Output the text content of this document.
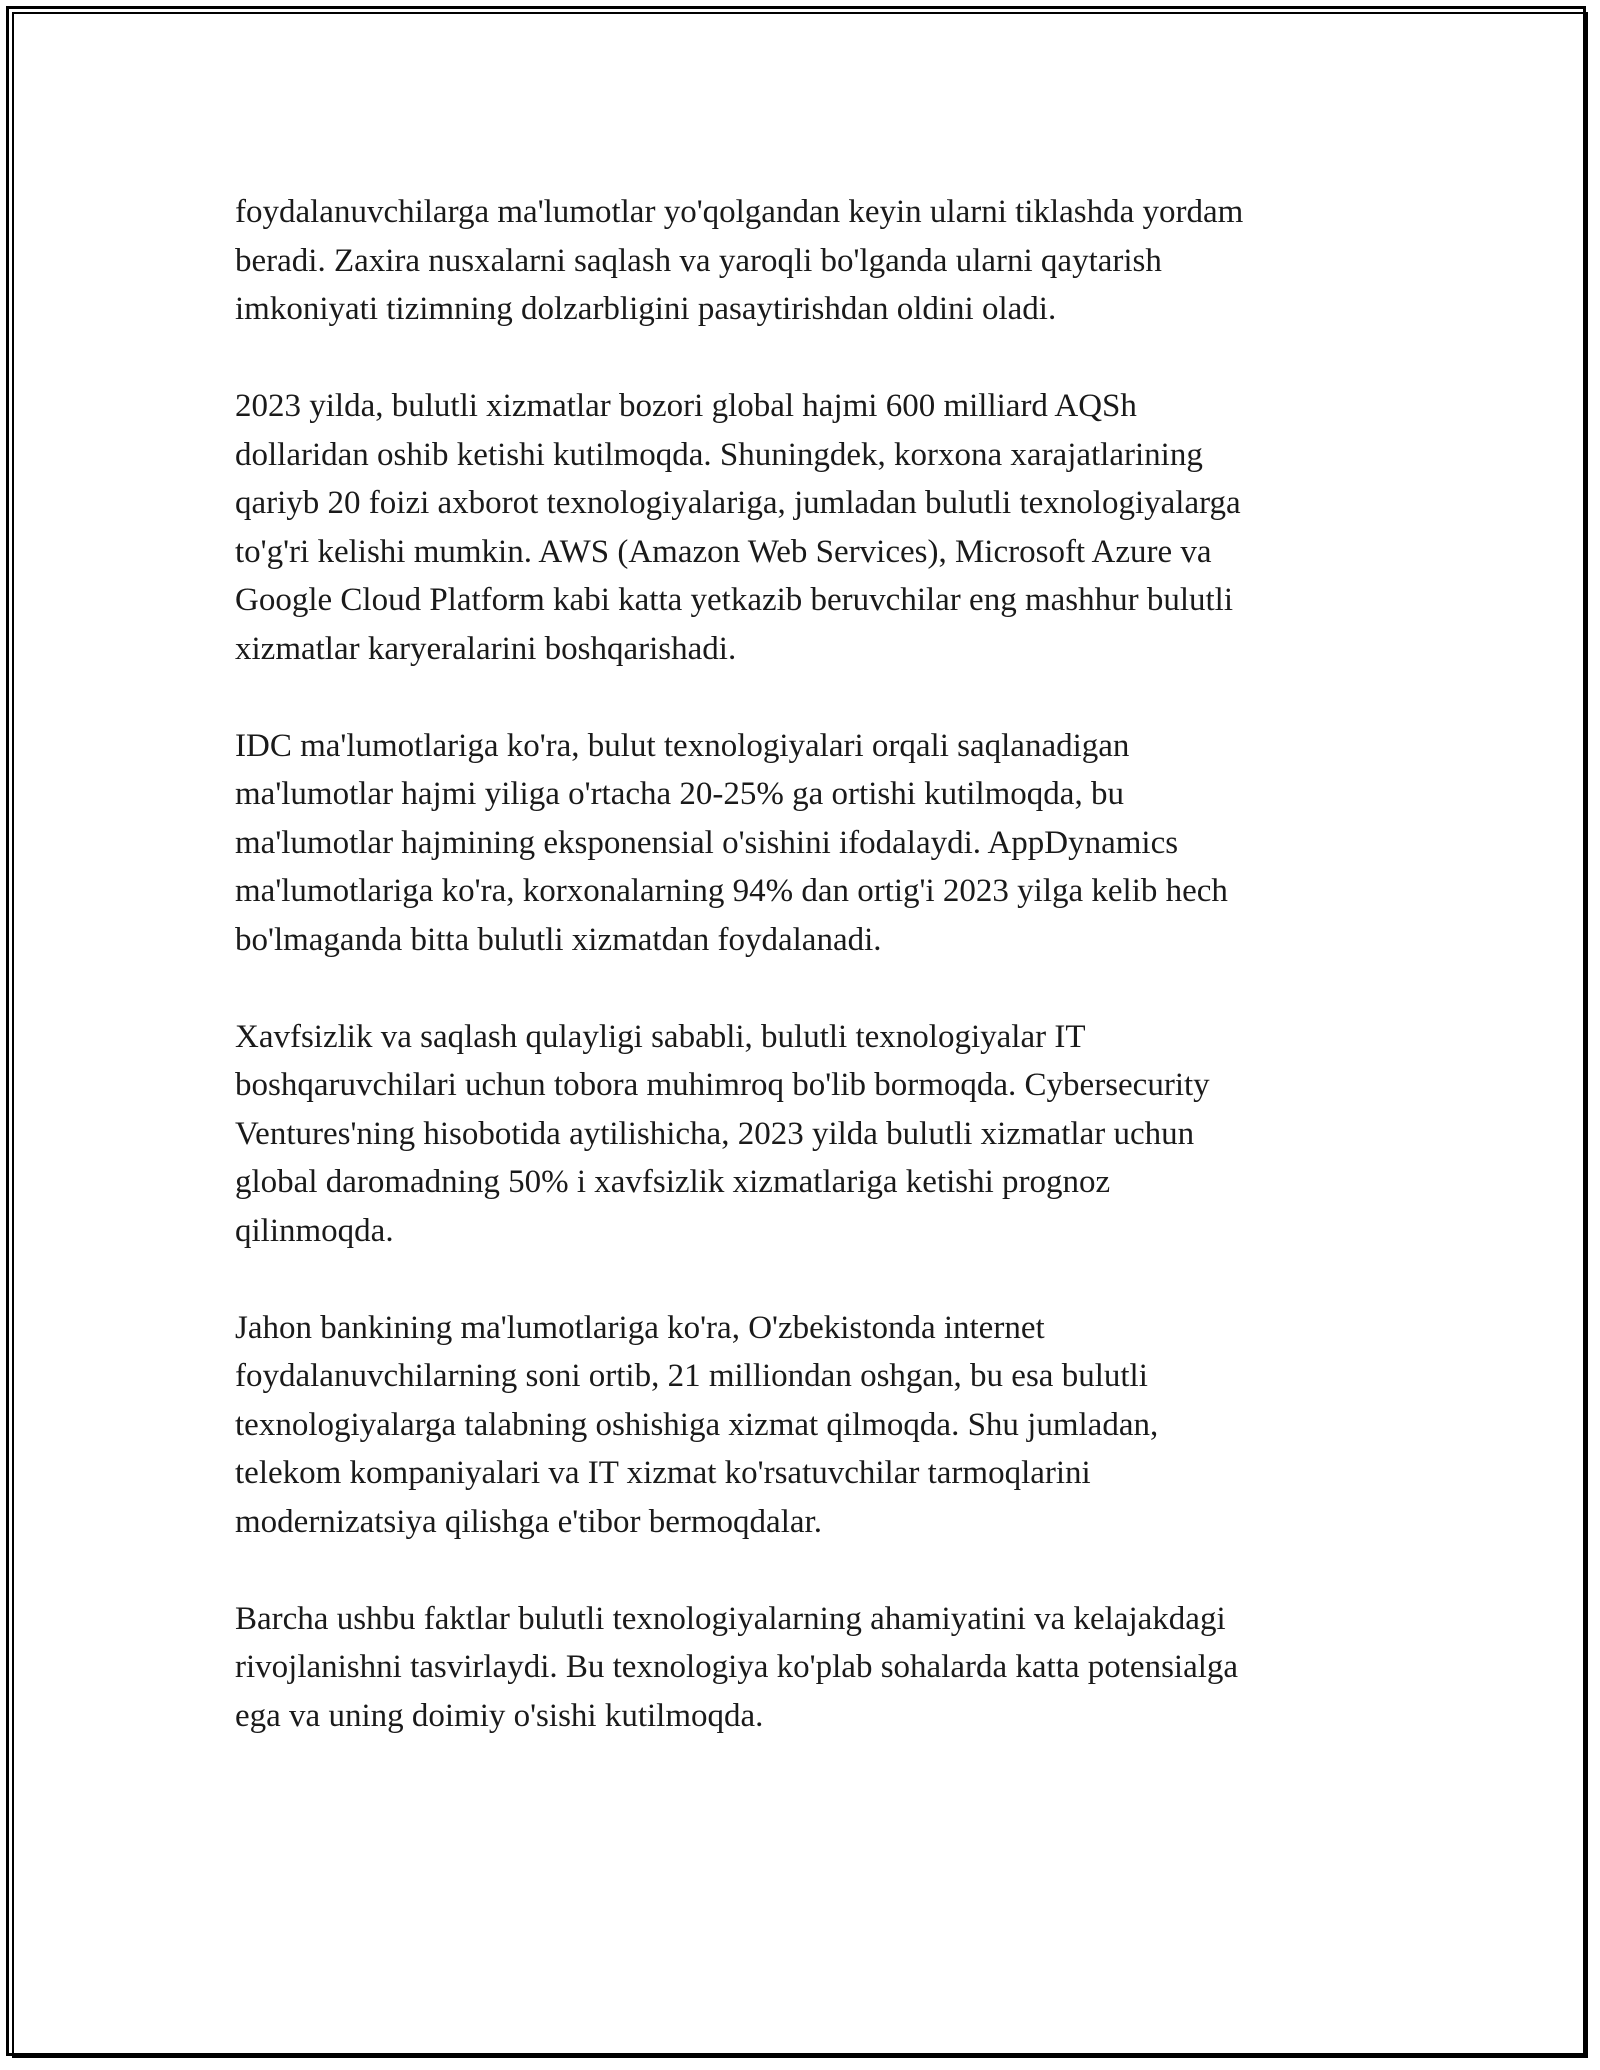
foydalanuvchilarga ma'lumotlar yo'qolgandan keyin ularni tiklashda yordam
beradi. Zaxira nusxalarni saqlash va yaroqli bo'lganda ularni qaytarish
imkoniyati tizimning dolzarbligini pasaytirishdan oldini oladi.

2023 yilda, bulutli xizmatlar bozori global hajmi 600 milliard AQSh
dollaridan oshib ketishi kutilmoqda. Shuningdek, korxona xarajatlarining
qariyb 20 foizi axborot texnologiyalariga, jumladan bulutli texnologiyalarga
to'g'ri kelishi mumkin. AWS (Amazon Web Services), Microsoft Azure va
Google Cloud Platform kabi katta yetkazib beruvchilar eng mashhur bulutli
xizmatlar karyeralarini boshqarishadi.

IDC ma'lumotlariga ko'ra, bulut texnologiyalari orqali saqlanadigan
ma'lumotlar hajmi yiliga o'rtacha 20-25% ga ortishi kutilmoqda, bu
ma'lumotlar hajmining eksponensial o'sishini ifodalaydi. AppDynamics
ma'lumotlariga ko'ra, korxonalarning 94% dan ortig'i 2023 yilga kelib hech
bo'lmaganda bitta bulutli xizmatdan foydalanadi.

Xavfsizlik va saqlash qulayligi sababli, bulutli texnologiyalar IT
boshqaruvchilari uchun tobora muhimroq bo'lib bormoqda. Cybersecurity
Ventures'ning hisobotida aytilishicha, 2023 yilda bulutli xizmatlar uchun
global daromadning 50% i xavfsizlik xizmatlariga ketishi prognoz
qilinmoqda.

Jahon bankining ma'lumotlariga ko'ra, O'zbekistonda internet
foydalanuvchilarning soni ortib, 21 milliondan oshgan, bu esa bulutli
texnologiyalarga talabning oshishiga xizmat qilmoqda. Shu jumladan,
telekom kompaniyalari va IT xizmat ko'rsatuvchilar tarmoqlarini
modernizatsiya qilishga e'tibor bermoqdalar.

Barcha ushbu faktlar bulutli texnologiyalarning ahamiyatini va kelajakdagi
rivojlanishni tasvirlaydi. Bu texnologiya ko'plab sohalarda katta potensialga
ega va uning doimiy o'sishi kutilmoqda.
